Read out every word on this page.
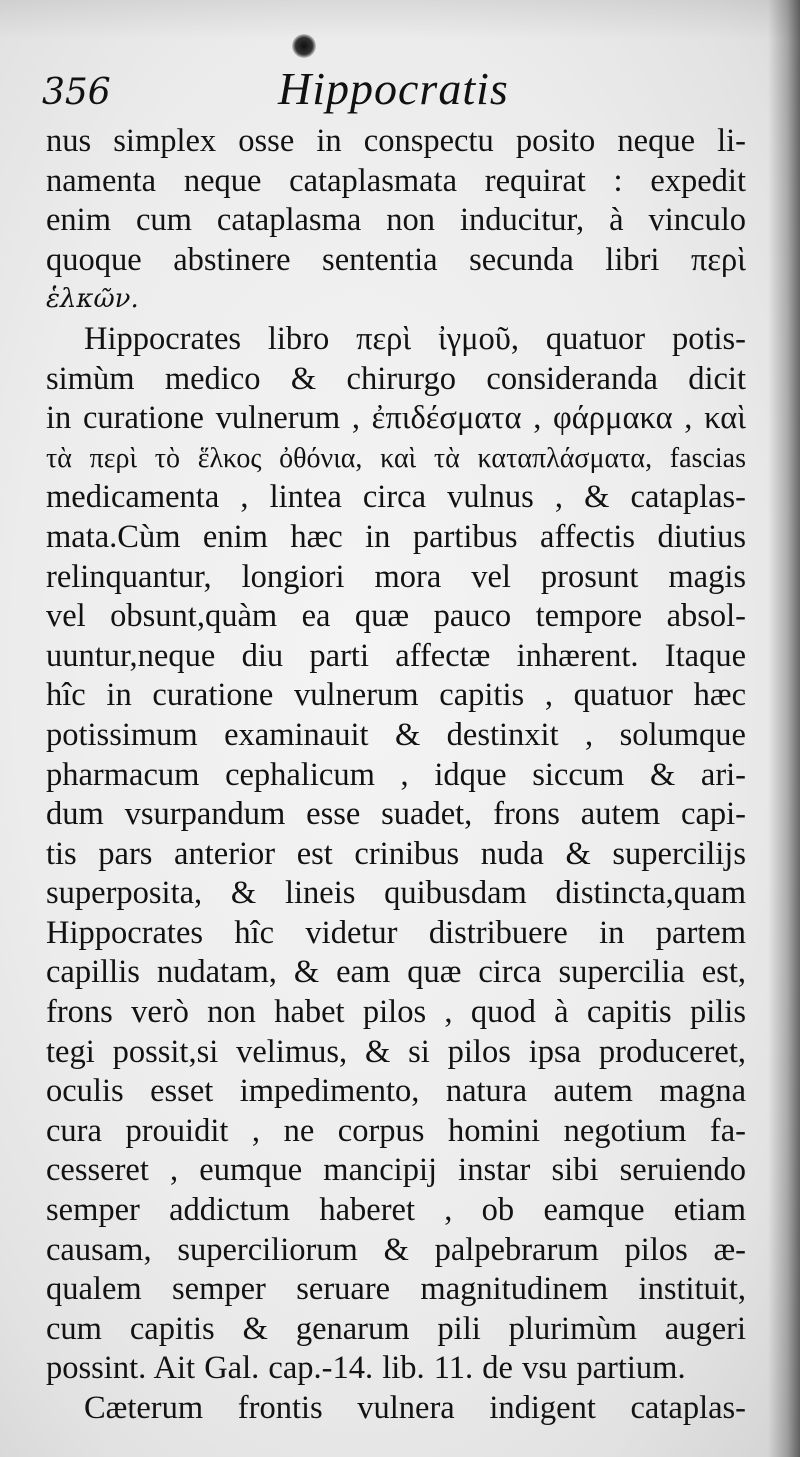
356	Hippocratis
nus simplex osse in conspectu posito neque li-
namenta neque cataplasmata requirat : expedit
enim cum cataplasma non inducitur, à vinculo
quoque abstinere sententia secunda libri περὶ
ἑλκῶν.
Hippocrates libro περὶ ἰγμοῦ, quatuor potis-
simùm medico & chirurgo consideranda dicit
in curatione vulnerum , ἐπιδέσματα , φάρμακα , καὶ
τὰ περὶ τὸ ἕλκος ὀθόνια, καὶ τὰ καταπλάσματα, fascias
medicamenta , lintea circa vulnus , & cataplas-
mata.Cùm enim hæc in partibus affectis diutius
relinquantur, longiori mora vel prosunt magis
vel obsunt,quàm ea quæ pauco tempore absol-
uuntur,neque diu parti affectæ inhærent. Itaque
hîc in curatione vulnerum capitis , quatuor hæc
potissimum examinauit & destinxit , solumque
pharmacum cephalicum , idque siccum & ari-
dum vsurpandum esse suadet, frons autem capi-
tis pars anterior est crinibus nuda & supercilijs
superposita, & lineis quibusdam distincta,quam
Hippocrates hîc videtur distribuere in partem
capillis nudatam, & eam quæ circa supercilia est,
frons verò non habet pilos , quod à capitis pilis
tegi possit,si velimus, & si pilos ipsa produceret,
oculis esset impedimento, natura autem magna
cura prouidit , ne corpus homini negotium fa-
cesseret , eumque mancipij instar sibi seruiendo
semper addictum haberet , ob eamque etiam
causam, superciliorum & palpebrarum pilos æ-
qualem semper seruare magnitudinem instituit,
cum capitis & genarum pili plurimùm augeri
possint. Ait Gal. cap.-14. lib. 11. de vsu partium.
Cæterum frontis vulnera indigent cataplas-
